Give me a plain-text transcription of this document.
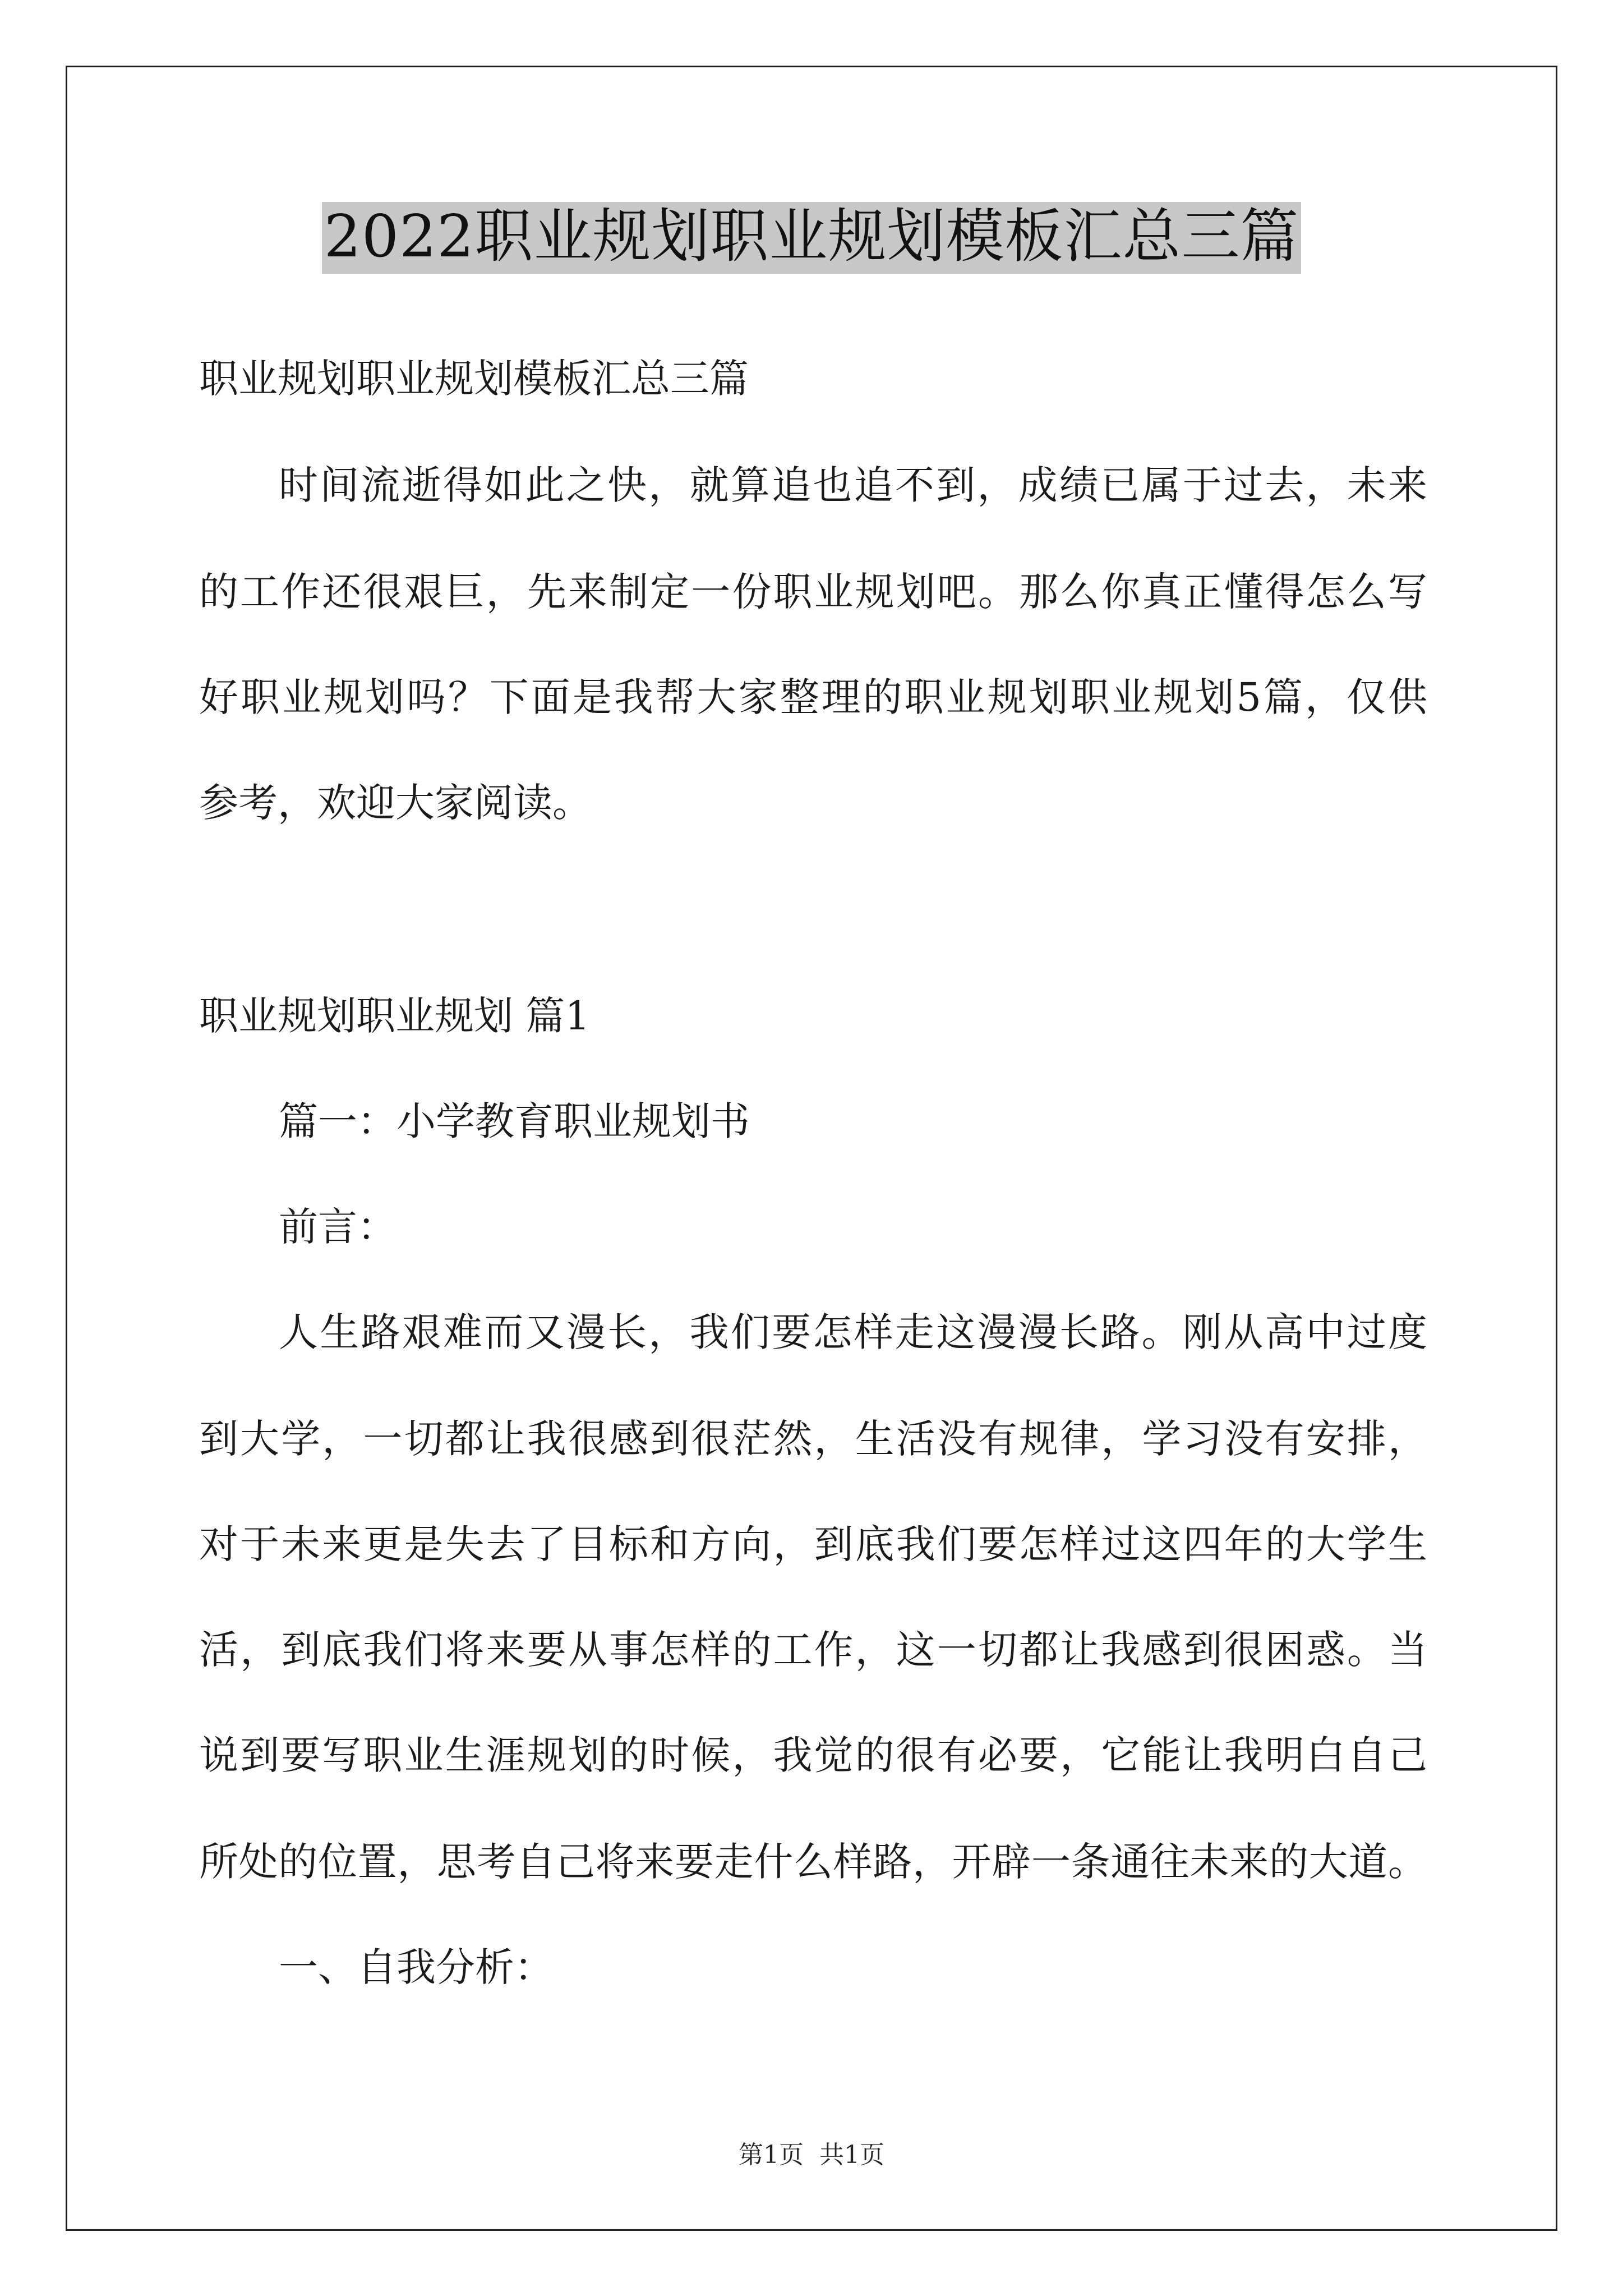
2022职业规划职业规划模板汇总三篇
职业规划职业规划模板汇总三篇
时间流逝得如此之快，就算追也追不到，成绩已属于过去，未来
的工作还很艰巨，先来制定一份职业规划吧。那么你真正懂得怎么写
好职业规划吗？下面是我帮大家整理的职业规划职业规划5篇，仅供
参考，欢迎大家阅读。
职业规划职业规划 篇1
篇一：小学教育职业规划书
前言：
人生路艰难而又漫长，我们要怎样走这漫漫长路。刚从高中过度
到大学，一切都让我很感到很茫然，生活没有规律，学习没有安排，
对于未来更是失去了目标和方向，到底我们要怎样过这四年的大学生
活，到底我们将来要从事怎样的工作，这一切都让我感到很困惑。当
说到要写职业生涯规划的时候，我觉的很有必要，它能让我明白自己
所处的位置，思考自己将来要走什么样路，开辟一条通往未来的大道。
一、自我分析：
第1页  共1页
